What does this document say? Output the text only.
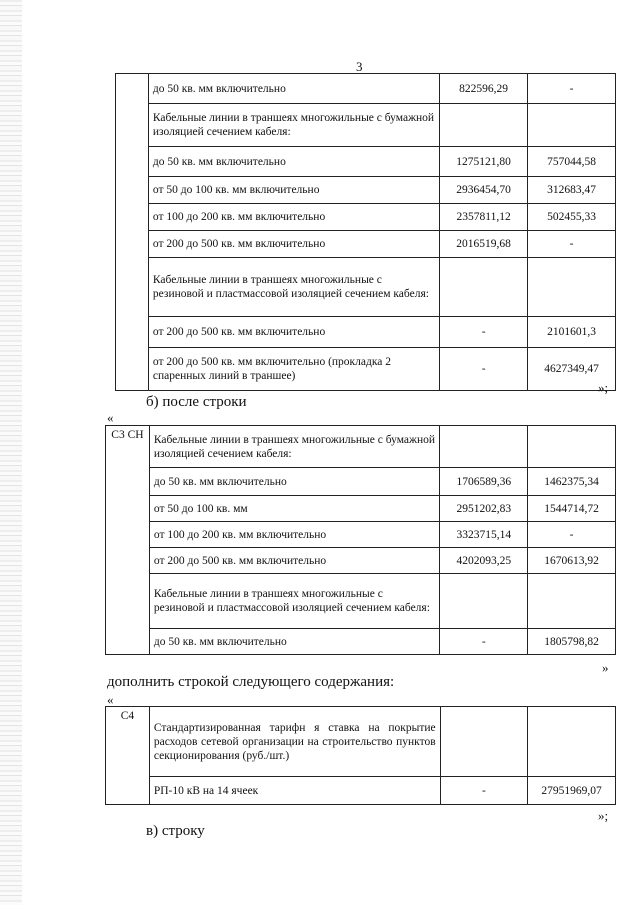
3
	до 50 кв. мм включительно	822596,29	-
	Кабельные линии в траншеях многожильные с бумажной изоляцией сечением кабеля:		
	до 50 кв. мм включительно	1275121,80	757044,58
	от 50 до 100 кв. мм включительно	2936454,70	312683,47
	от 100 до 200 кв. мм включительно	2357811,12	502455,33
	от 200 до 500 кв. мм включительно	2016519,68	-
	Кабельные линии в траншеях многожильные с резиновой и пластмассовой изоляцией сечением кабеля:		
	от 200 до 500 кв. мм включительно	-	2101601,3
	от 200 до 500 кв. мм включительно (прокладка 2 спаренных линий в траншее)	-	4627349,47
»;
б) после строки
«
С3 СН	Кабельные линии в траншеях многожильные с бумажной изоляцией сечением кабеля:		
	до 50 кв. мм включительно	1706589,36	1462375,34
	от 50 до 100 кв. мм	2951202,83	1544714,72
	от 100 до 200 кв. мм включительно	3323715,14	-
	от 200 до 500 кв. мм включительно	4202093,25	1670613,92
	Кабельные линии в траншеях многожильные с резиновой и пластмассовой изоляцией сечением кабеля:		
	до 50 кв. мм включительно	-	1805798,82
»
дополнить строкой следующего содержания:
«
С4	Стандартизированная тарифн я ставка на покрытие расходов сетевой организации на строительство пунктов секционирования (руб./шт.)		
	РП-10 кВ на 14 ячеек	-	27951969,07
»;
в) строку
